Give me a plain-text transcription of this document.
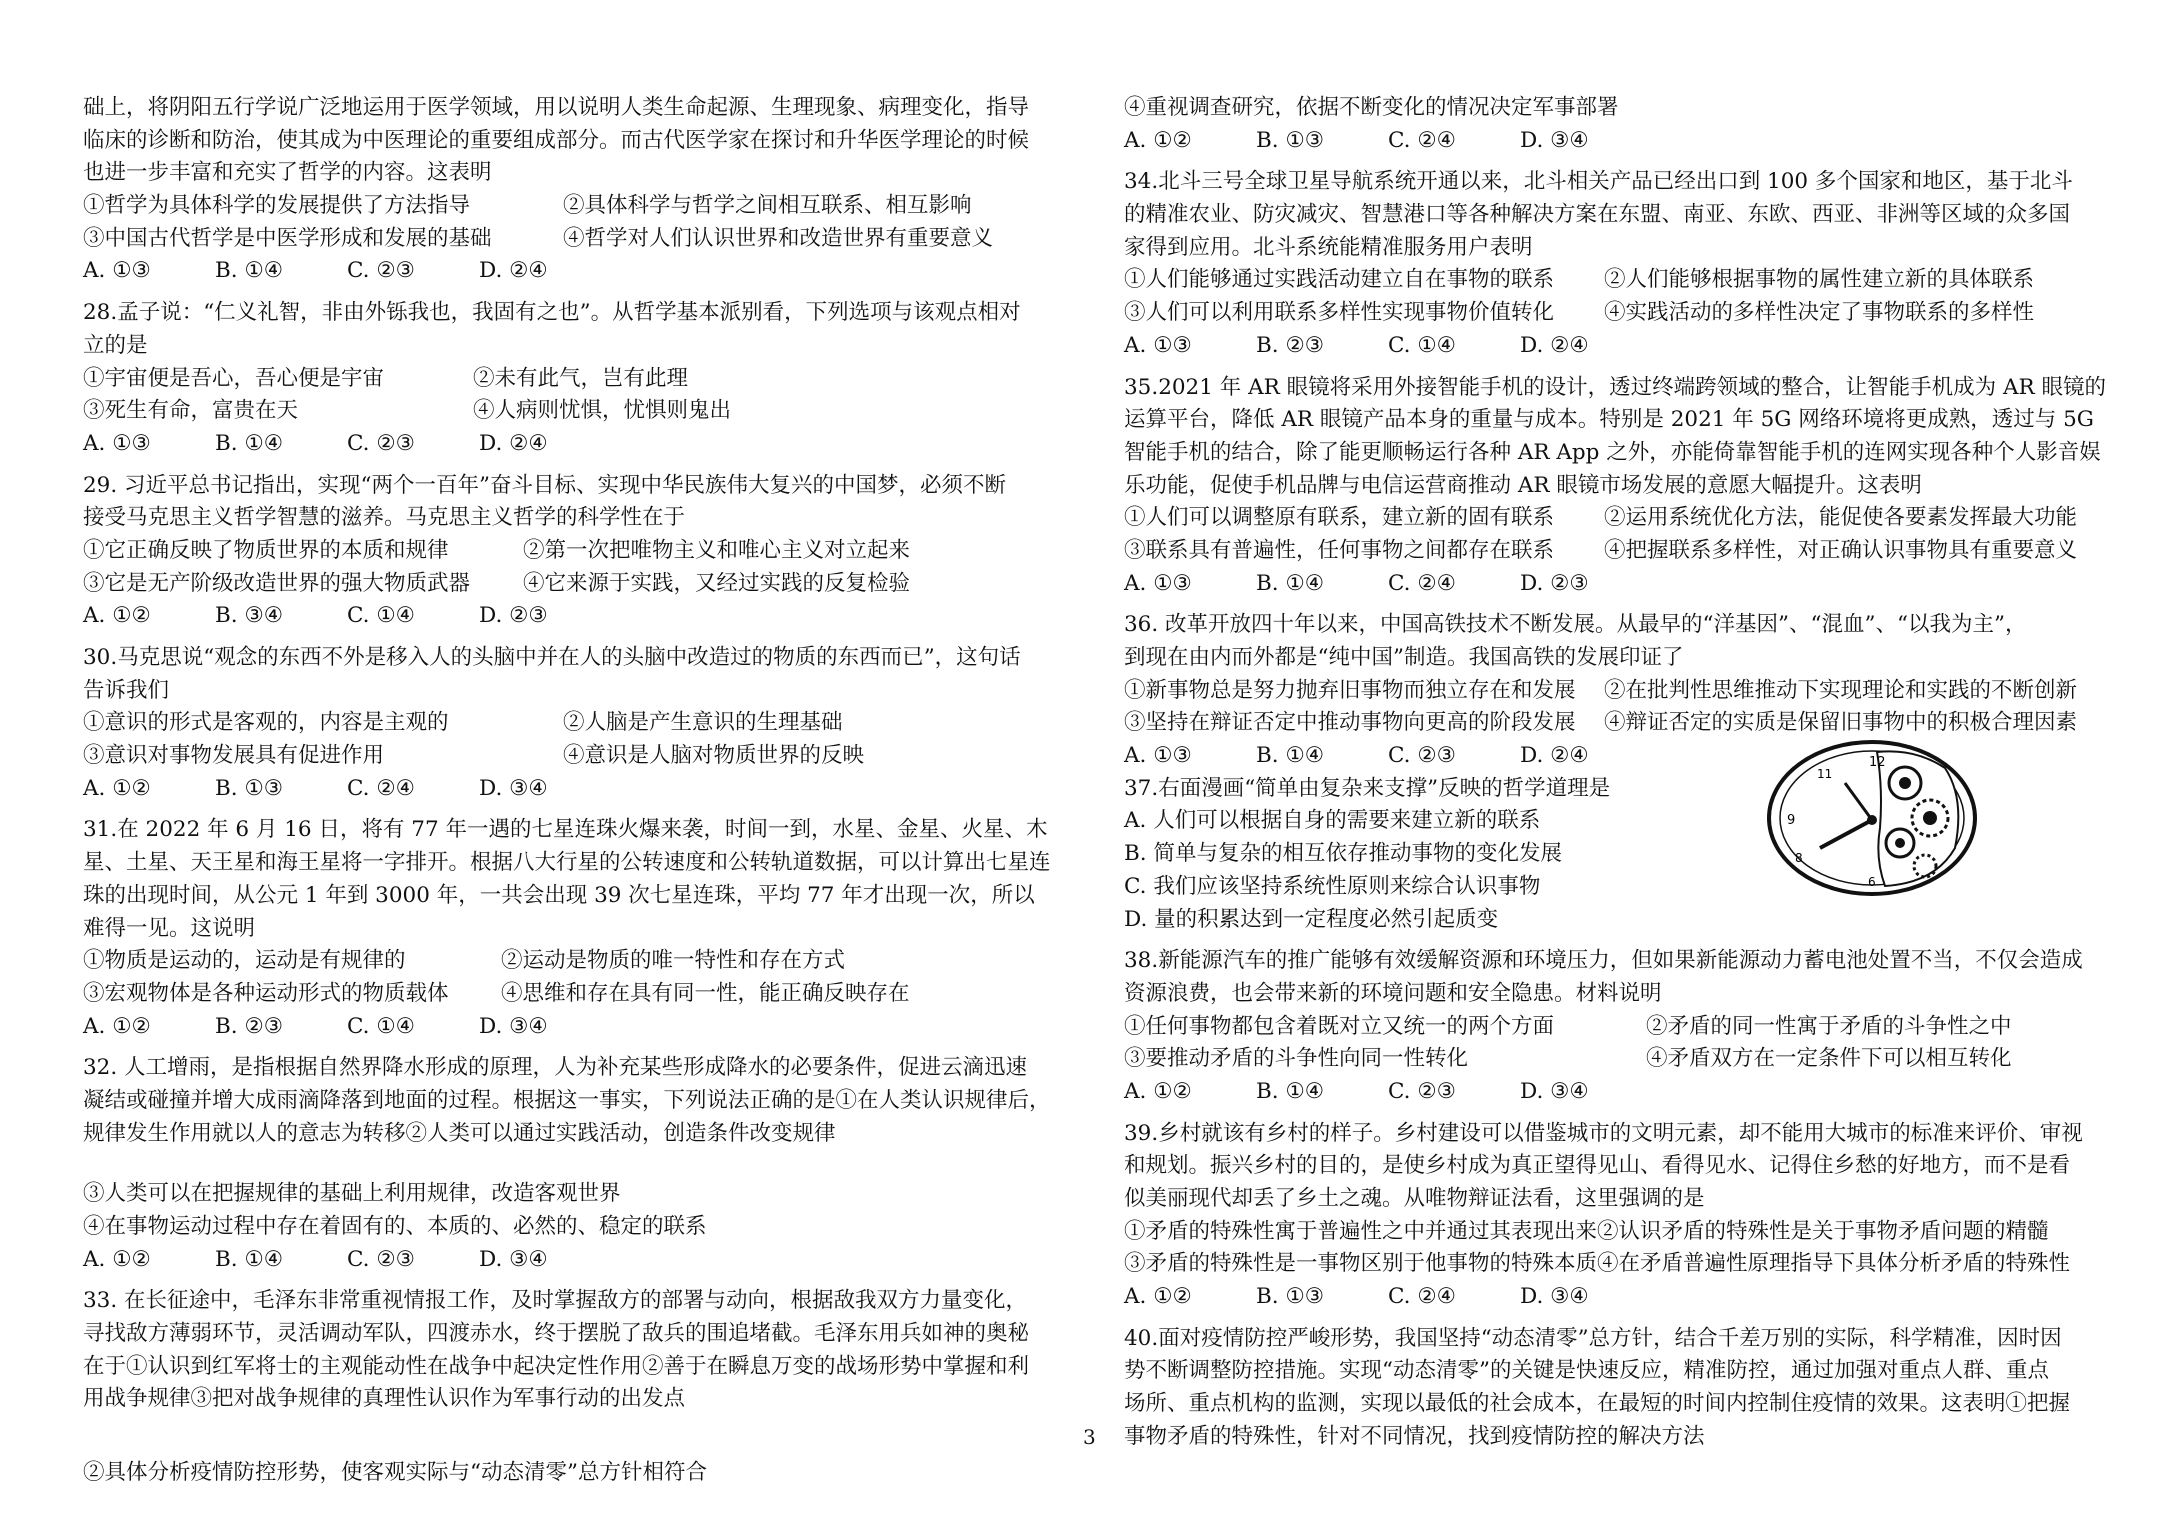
础上，将阴阳五行学说广泛地运用于医学领域，用以说明人类生命起源、生理现象、病理变化，指导
临床的诊断和防治，使其成为中医理论的重要组成部分。而古代医学家在探讨和升华医学理论的时候
也进一步丰富和充实了哲学的内容。这表明
①哲学为具体科学的发展提供了方法指导	②具体科学与哲学之间相互联系、相互影响
③中国古代哲学是中医学形成和发展的基础	④哲学对人们认识世界和改造世界有重要意义
A. ①③	B. ①④	C. ②③	D. ②④
28.孟子说：“仁义礼智，非由外铄我也，我固有之也”。从哲学基本派别看，下列选项与该观点相对
立的是
①宇宙便是吾心，吾心便是宇宙	②未有此气，岂有此理
③死生有命，富贵在天	④人病则忧惧，忧惧则鬼出
A. ①③	B. ①④	C. ②③	D. ②④
29. 习近平总书记指出，实现“两个一百年”奋斗目标、实现中华民族伟大复兴的中国梦，必须不断
接受马克思主义哲学智慧的滋养。马克思主义哲学的科学性在于
①它正确反映了物质世界的本质和规律	②第一次把唯物主义和唯心主义对立起来
③它是无产阶级改造世界的强大物质武器 ④它来源于实践，又经过实践的反复检验
A. ①②	B. ③④	C. ①④	D. ②③
30.马克思说“观念的东西不外是移入人的头脑中并在人的头脑中改造过的物质的东西而已”，这句话
告诉我们
①意识的形式是客观的，内容是主观的	②人脑是产生意识的生理基础
③意识对事物发展具有促进作用	④意识是人脑对物质世界的反映
A. ①②	B. ①③	C. ②④	D. ③④
31.在 2022 年 6 月 16 日，将有 77 年一遇的七星连珠火爆来袭，时间一到，水星、金星、火星、木
星、土星、天王星和海王星将一字排开。根据八大行星的公转速度和公转轨道数据，可以计算出七星连
珠的出现时间，从公元 1 年到 3000 年，一共会出现 39 次七星连珠，平均 77 年才出现一次，所以
难得一见。这说明
①物质是运动的，运动是有规律的	②运动是物质的唯一特性和存在方式
③宏观物体是各种运动形式的物质载体 ④思维和存在具有同一性，能正确反映存在
A. ①②	B. ②③	C. ①④	D. ③④
32. 人工增雨，是指根据自然界降水形成的原理，人为补充某些形成降水的必要条件，促进云滴迅速
凝结或碰撞并增大成雨滴降落到地面的过程。根据这一事实，下列说法正确的是①在人类认识规律后，
规律发生作用就以人的意志为转移②人类可以通过实践活动，创造条件改变规律
③人类可以在把握规律的基础上利用规律，改造客观世界
④在事物运动过程中存在着固有的、本质的、必然的、稳定的联系
A. ①②	B. ①④	C. ②③	D. ③④
33. 在长征途中，毛泽东非常重视情报工作，及时掌握敌方的部署与动向，根据敌我双方力量变化，
寻找敌方薄弱环节，灵活调动军队，四渡赤水，终于摆脱了敌兵的围追堵截。毛泽东用兵如神的奥秘
在于①认识到红军将士的主观能动性在战争中起决定性作用②善于在瞬息万变的战场形势中掌握和利
用战争规律③把对战争规律的真理性认识作为军事行动的出发点
④重视调查研究，依据不断变化的情况决定军事部署
A. ①②	B. ①③	C. ②④	D. ③④
34.北斗三号全球卫星导航系统开通以来，北斗相关产品已经出口到 100 多个国家和地区，基于北斗
的精准农业、防灾减灾、智慧港口等各种解决方案在东盟、南亚、东欧、西亚、非洲等区域的众多国
家得到应用。北斗系统能精准服务用户表明
①人们能够通过实践活动建立自在事物的联系 ②人们能够根据事物的属性建立新的具体联系
③人们可以利用联系多样性实现事物价值转化 ④实践活动的多样性决定了事物联系的多样性
A. ①③	B. ②③	C. ①④	D. ②④
35.2021 年 AR 眼镜将采用外接智能手机的设计，透过终端跨领域的整合，让智能手机成为 AR 眼镜的
运算平台，降低 AR 眼镜产品本身的重量与成本。特别是 2021 年 5G 网络环境将更成熟，透过与 5G
智能手机的结合，除了能更顺畅运行各种 AR App 之外，亦能倚靠智能手机的连网实现各种个人影音娱
乐功能，促使手机品牌与电信运营商推动 AR 眼镜市场发展的意愿大幅提升。这表明
①人们可以调整原有联系，建立新的固有联系 ②运用系统优化方法，能促使各要素发挥最大功能
③联系具有普遍性，任何事物之间都存在联系 ④把握联系多样性，对正确认识事物具有重要意义
A. ①③	B. ①④	C. ②④	D. ②③
36. 改革开放四十年以来，中国高铁技术不断发展。从最早的“洋基因”、“混血”、“以我为主”，
到现在由内而外都是“纯中国”制造。我国高铁的发展印证了
①新事物总是努力抛弃旧事物而独立存在和发展 ②在批判性思维推动下实现理论和实践的不断创新
③坚持在辩证否定中推动事物向更高的阶段发展 ④辩证否定的实质是保留旧事物中的积极合理因素
A. ①③	B. ①④	C. ②③	D. ②④
37.右面漫画“简单由复杂来支撑”反映的哲学道理是
A. 人们可以根据自身的需要来建立新的联系
B. 简单与复杂的相互依存推动事物的变化发展
C. 我们应该坚持系统性原则来综合认识事物
D. 量的积累达到一定程度必然引起质变
38.新能源汽车的推广能够有效缓解资源和环境压力，但如果新能源动力蓄电池处置不当，不仅会造成
资源浪费，也会带来新的环境问题和安全隐患。材料说明
①任何事物都包含着既对立又统一的两个方面	②矛盾的同一性寓于矛盾的斗争性之中
③要推动矛盾的斗争性向同一性转化	④矛盾双方在一定条件下可以相互转化
A. ①②	B. ①④	C. ②③	D. ③④
39.乡村就该有乡村的样子。乡村建设可以借鉴城市的文明元素，却不能用大城市的标准来评价、审视
和规划。振兴乡村的目的，是使乡村成为真正望得见山、看得见水、记得住乡愁的好地方，而不是看
似美丽现代却丢了乡土之魂。从唯物辩证法看，这里强调的是
①矛盾的特殊性寓于普遍性之中并通过其表现出来②认识矛盾的特殊性是关于事物矛盾问题的精髓
③矛盾的特殊性是一事物区别于他事物的特殊本质④在矛盾普遍性原理指导下具体分析矛盾的特殊性
A. ①②	B. ①③	C. ②④	D. ③④
40.面对疫情防控严峻形势，我国坚持“动态清零”总方针，结合千差万别的实际，科学精准，因时因
势不断调整防控措施。实现“动态清零”的关键是快速反应，精准防控，通过加强对重点人群、重点
场所、重点机构的监测，实现以最低的社会成本，在最短的时间内控制住疫情的效果。这表明①把握
事物矛盾的特殊性，针对不同情况，找到疫情防控的解决方法
12
9
11
8
6
3
②具体分析疫情防控形势，使客观实际与“动态清零”总方针相符合
